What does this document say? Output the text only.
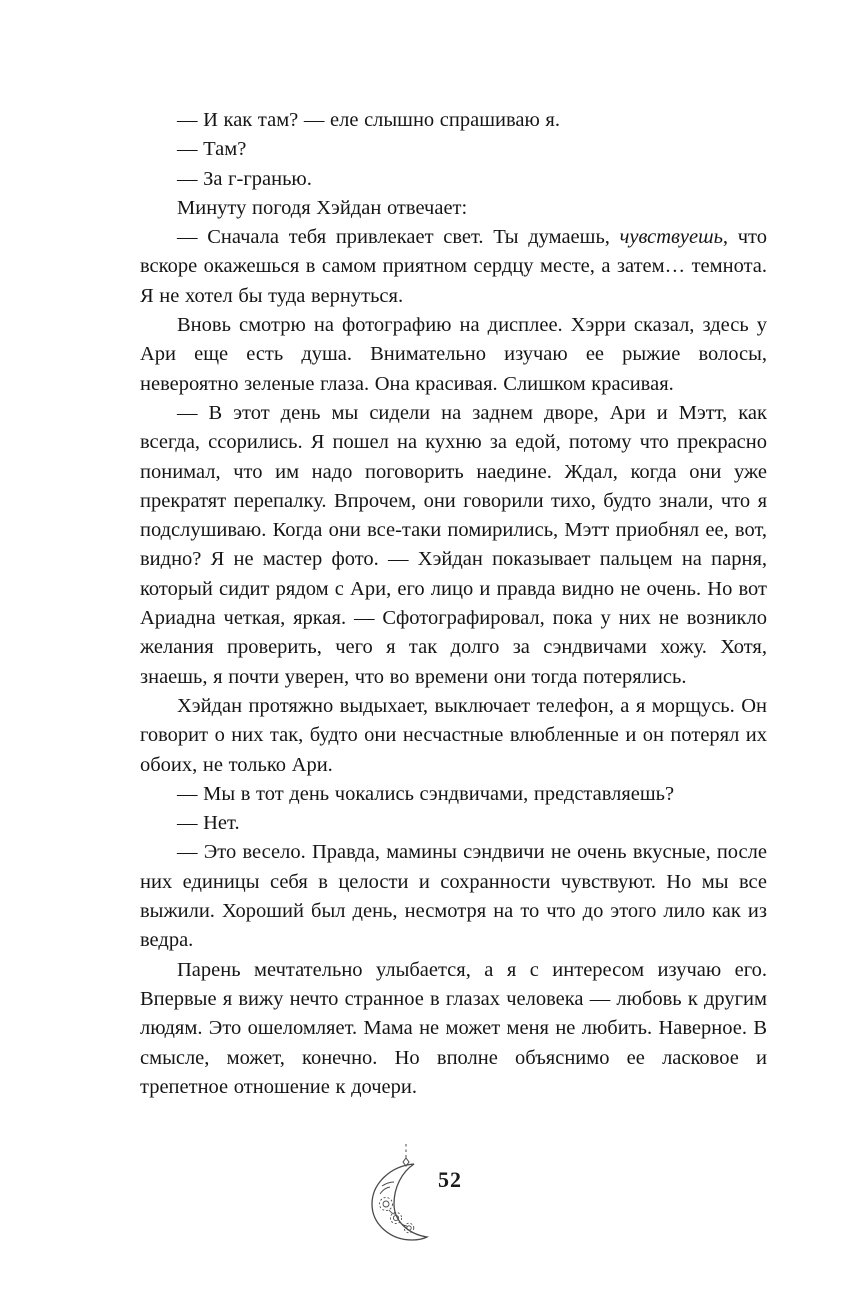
— И как там? — еле слышно спрашиваю я.

— Там?

— За г-гранью.

Минуту погодя Хэйдан отвечает:

— Сначала тебя привлекает свет. Ты думаешь, чувствуешь, что вскоре окажешься в самом приятном сердцу месте, а затем… темнота. Я не хотел бы туда вернуться.

Вновь смотрю на фотографию на дисплее. Хэрри сказал, здесь у Ари еще есть душа. Внимательно изучаю ее рыжие волосы, невероятно зеленые глаза. Она красивая. Слишком красивая.

— В этот день мы сидели на заднем дворе, Ари и Мэтт, как всегда, ссорились. Я пошел на кухню за едой, потому что прекрасно понимал, что им надо поговорить наедине. Ждал, когда они уже прекратят перепалку. Впрочем, они говорили тихо, будто знали, что я подслушиваю. Когда они все-таки помирились, Мэтт приобнял ее, вот, видно? Я не мастер фото. — Хэйдан показывает пальцем на парня, который сидит рядом с Ари, его лицо и правда видно не очень. Но вот Ариадна четкая, яркая. — Сфотографировал, пока у них не возникло желания проверить, чего я так долго за сэндвичами хожу. Хотя, знаешь, я почти уверен, что во времени они тогда потерялись.

Хэйдан протяжно выдыхает, выключает телефон, а я морщусь. Он говорит о них так, будто они несчастные влюбленные и он потерял их обоих, не только Ари.

— Мы в тот день чокались сэндвичами, представляешь?

— Нет.

— Это весело. Правда, мамины сэндвичи не очень вкусные, после них единицы себя в целости и сохранности чувствуют. Но мы все выжили. Хороший был день, несмотря на то что до этого лило как из ведра.

Парень мечтательно улыбается, а я с интересом изучаю его. Впервые я вижу нечто странное в глазах человека — любовь к другим людям. Это ошеломляет. Мама не может меня не любить. Наверное. В смысле, может, конечно. Но вполне объяснимо ее ласковое и трепетное отношение к дочери.

52
